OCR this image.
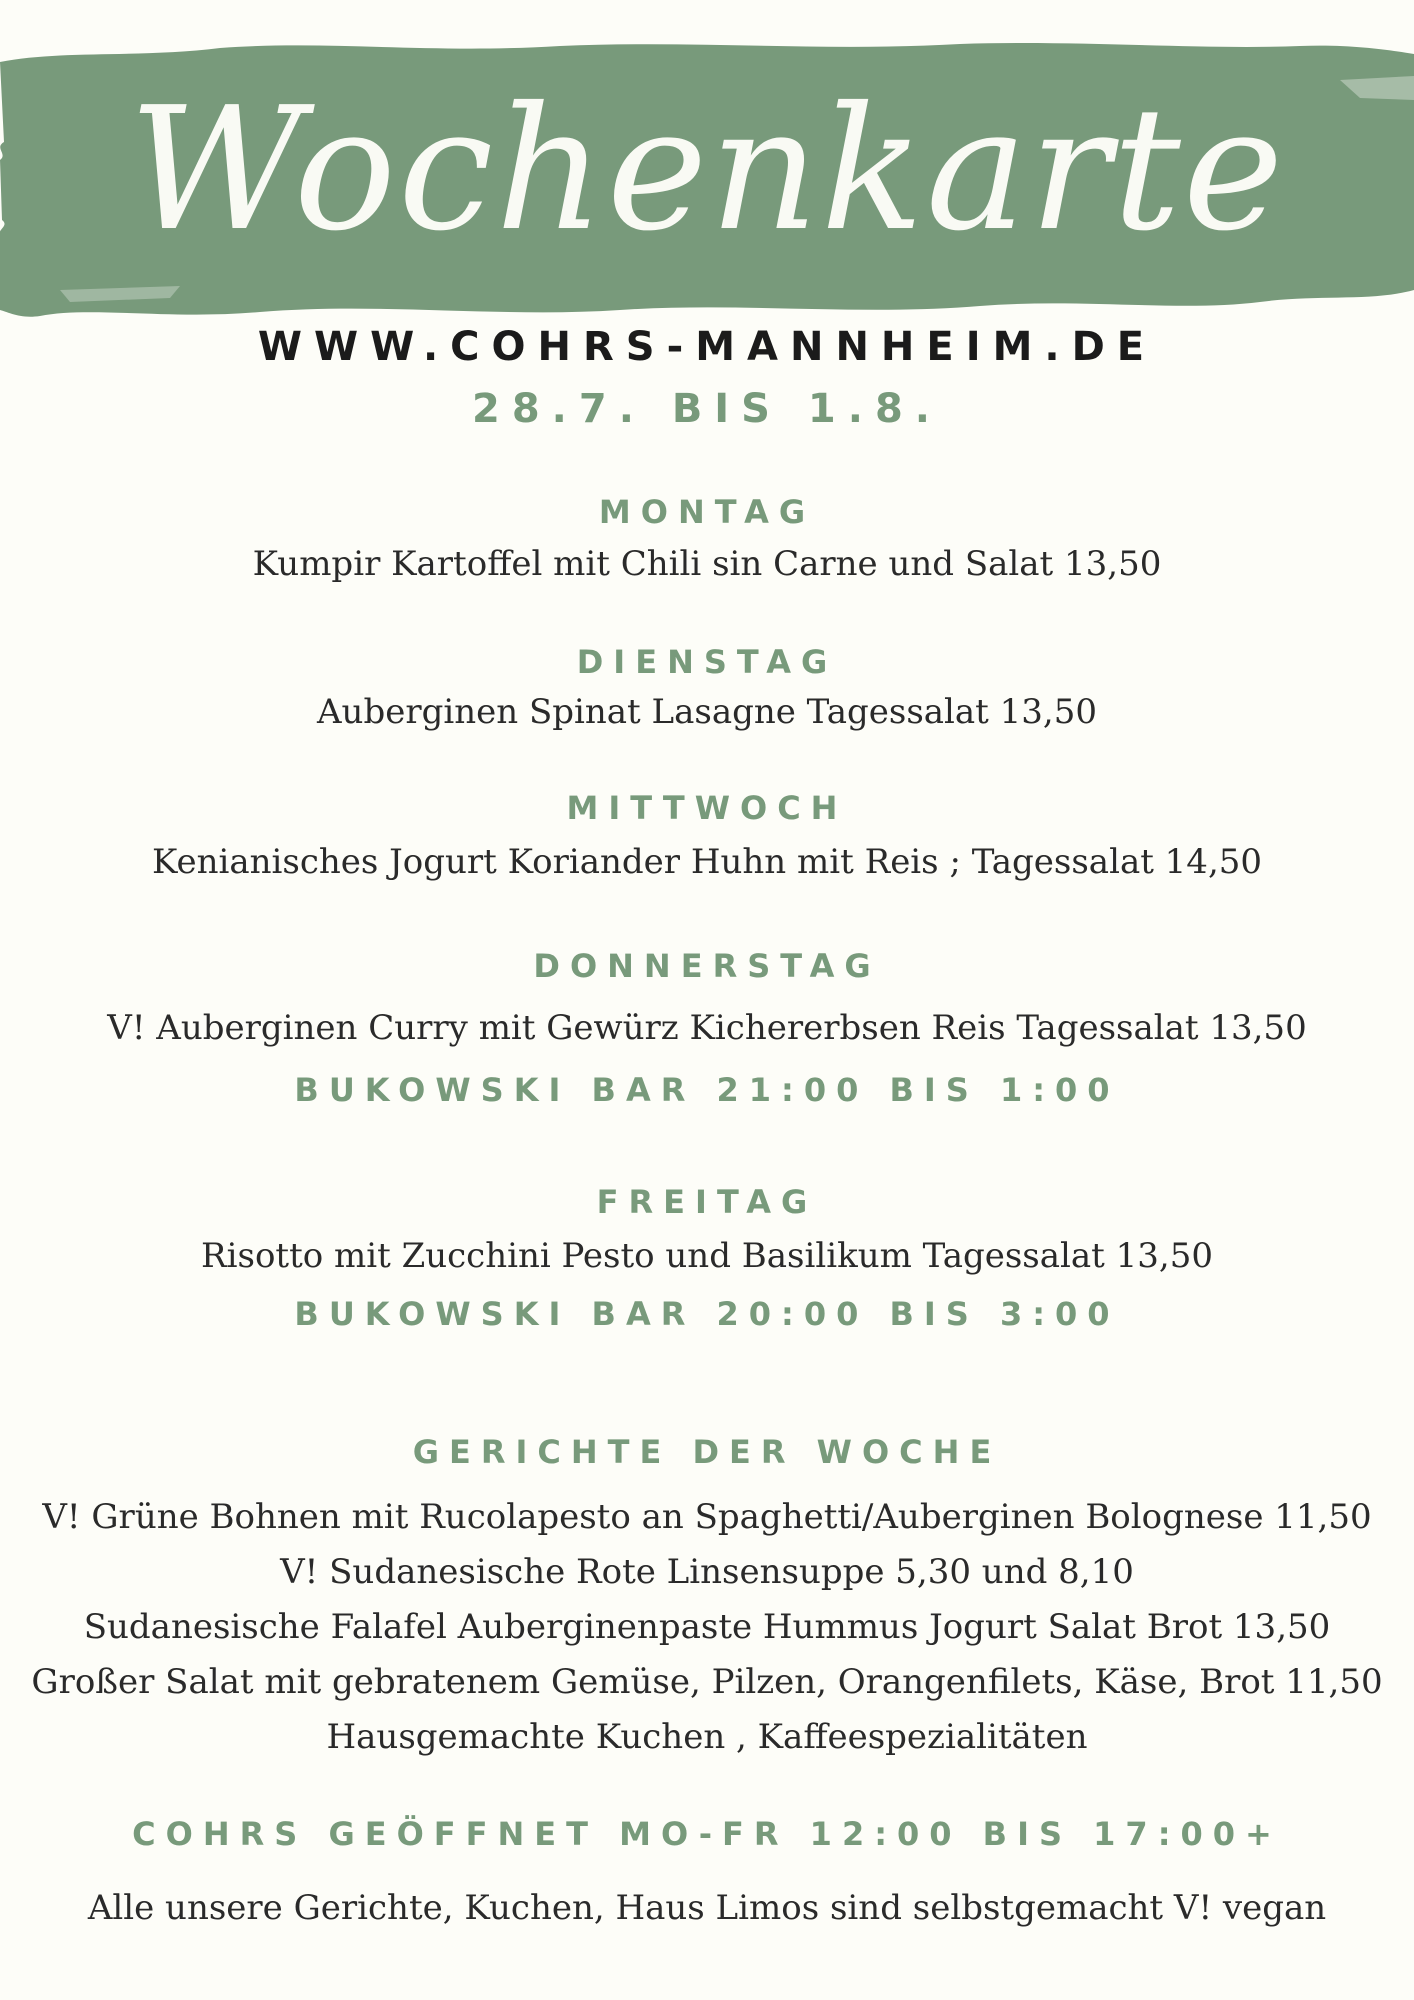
Wochenkarte
WWW.COHRS-MANNHEIM.DE
28.7. BIS 1.8.
MONTAG
Kumpir Kartoffel mit Chili sin Carne und Salat 13,50
DIENSTAG
Auberginen Spinat Lasagne Tagessalat 13,50
MITTWOCH
Kenianisches Jogurt Koriander Huhn mit Reis ; Tagessalat 14,50
DONNERSTAG
V! Auberginen Curry mit Gewürz Kichererbsen Reis Tagessalat 13,50
BUKOWSKI BAR 21:00 BIS 1:00
FREITAG
Risotto mit Zucchini Pesto und Basilikum Tagessalat 13,50
BUKOWSKI BAR 20:00 BIS 3:00
GERICHTE DER WOCHE
V! Grüne Bohnen mit Rucolapesto an Spaghetti/Auberginen Bolognese 11,50
V! Sudanesische Rote Linsensuppe 5,30 und 8,10
Sudanesische Falafel Auberginenpaste Hummus Jogurt Salat Brot 13,50
Großer Salat mit gebratenem Gemüse, Pilzen, Orangenfilets, Käse, Brot 11,50
Hausgemachte Kuchen , Kaffeespezialitäten
COHRS GEÖFFNET MO-FR 12:00 BIS 17:00+
Alle unsere Gerichte, Kuchen, Haus Limos sind selbstgemacht V! vegan
